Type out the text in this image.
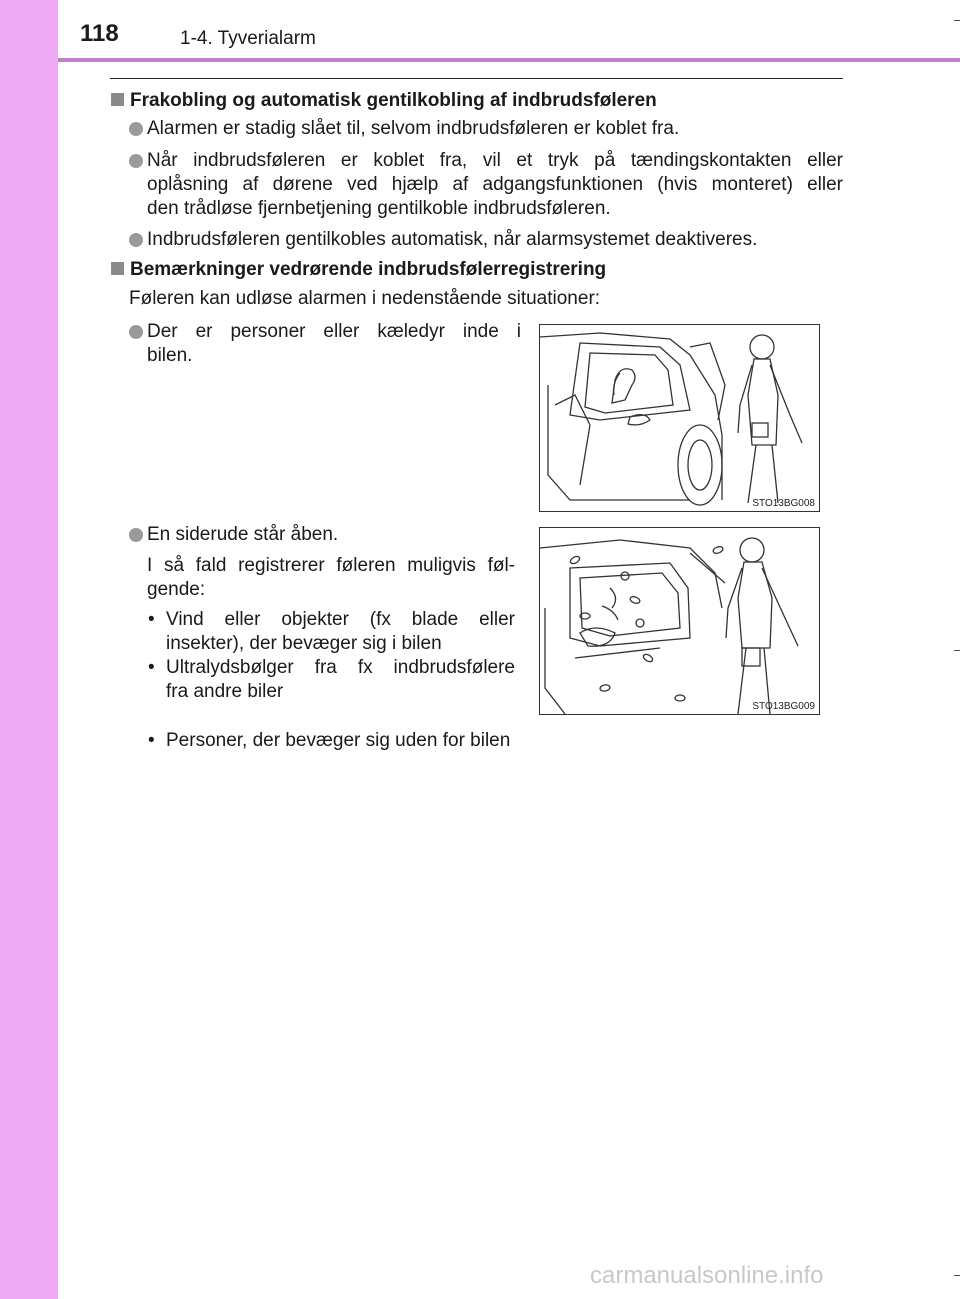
118	1-4. Tyverialarm
Frakobling og automatisk gentilkobling af indbrudsføleren
Alarmen er stadig slået til, selvom indbrudsføleren er koblet fra.
Når indbrudsføleren er koblet fra, vil et tryk på tændingskontakten eller
oplåsning af dørene ved hjælp af adgangsfunktionen (hvis monteret) eller
den trådløse fjernbetjening gentilkoble indbrudsføleren.
Indbrudsføleren gentilkobles automatisk, når alarmsystemet deaktiveres.
Bemærkninger vedrørende indbrudsfølerregistrering
Føleren kan udløse alarmen i nedenstående situationer:
Der er personer eller kæledyr inde i
bilen.
STO13BG008
En siderude står åben.
I så fald registrerer føleren muligvis føl-
gende:
• Vind eller objekter (fx blade eller
insekter), der bevæger sig i bilen
• Ultralydsbølger fra fx indbrudsfølere
fra andre biler
• Personer, der bevæger sig uden for bilen
STO13BG009
carmanualsonline.info
